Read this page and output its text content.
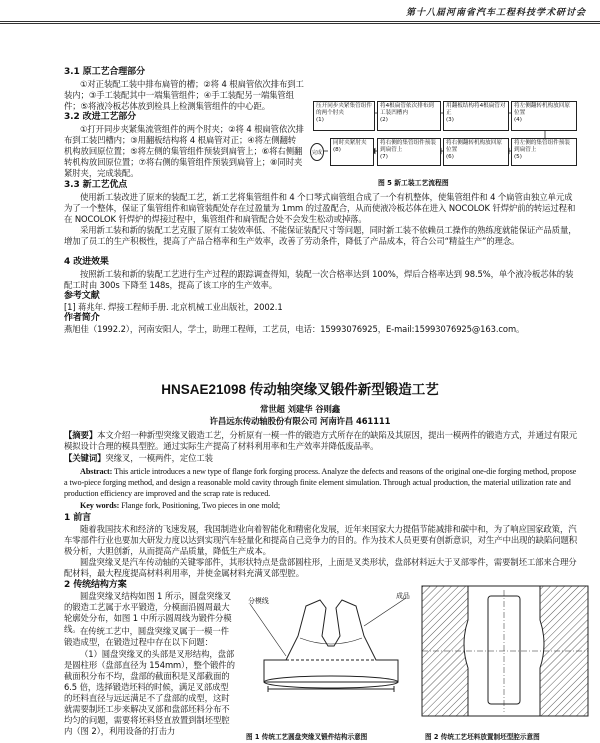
第十八届河南省汽车工程科技学术研讨会

3.1 原工艺合理部分

①对正装配工装中排布扁管的槽；②将 4 根扁管依次排布到工装内；③手工装配其中一端集管组件；④手工装配另一端集管组件；⑤将液冷板芯体放到检具上检测集管组件的中心距。

3.2 改进工艺部分

①打开同步夹紧集流管组件的两个肘夹；②将 4 根扁管依次排布到工装凹槽内；③用翻板结构将 4 根扁管对正；④将左侧翻转机构放回原位置；⑤将左侧的集管组件预装到扁管上；⑥将右侧翻转机构放回原位置；⑦将右侧的集管组件预装到扁管上；⑧同时夹紧肘夹，完成装配。

压开同步夹紧集管组件的两个肘夹
(1)
将4根扁管依次排布到工装凹槽内
(2)
用翻板结构将4根扁管对正
(3)
将左侧翻转机构放回原位置
(4)
将左侧的集管组件预装到扁管上
(5)
将右侧翻转机构放回原位置
(6)
将右侧的集管组件预装到扁管上
(7)
同时夹紧肘夹
(8)
完成

图 5 新工装工艺流程图

3.3 新工艺优点

使用新工装改进了原来的装配工艺，新工艺将集管组件和 4 个口琴式扁管组合成了一个有机整体，使集管组件和 4 个扁管由独立单元成为了一个整体，保证了集管组件和扁管装配处存在过盈量为 1mm 的过盈配合，从而使液冷板芯体在进入 NOCOLOK 钎焊炉前的转运过程和在 NOCOLOK 钎焊炉的焊接过程中，集管组件和扁管配合处不会发生松动或掉落。

采用新工装和新的装配工艺克服了原有工装效率低、不能保证装配尺寸等问题，同时新工装不依赖员工操作的熟练度就能保证产品质量，增加了员工的生产积极性，提高了产品合格率和生产效率，改善了劳动条件，降低了产品成本，符合公司“精益生产”的理念。

4 改进效果

按照新工装和新的装配工艺进行生产过程的跟踪调查得知，装配一次合格率达到 100%，焊后合格率达到 98.5%，单个液冷板芯体的装配工时由 300s 下降至 148s，提高了该工序的生产效率。

参考文献

[1] 蒋兆年. 焊接工程师手册. 北京机械工业出版社，2002.1

作者简介

燕旭佳（1992.2），河南安阳人，学士，助理工程师，工艺员，电话：15993076925，E-mail:15993076925@163.com。

HNSAE21098 传动轴突缘叉锻件新型锻造工艺

常世超 刘建华 谷则鑫

许昌远东传动轴股份有限公司 河南许昌 461111

【摘要】本文介绍一种新型突缘叉锻造工艺，分析原有一模一件的锻造方式所存在的缺陷及其原因，提出一模两件的锻造方式，并通过有限元模拟设计合理的模具型腔。通过实际生产提高了材料利用率和生产效率并降低废品率。

【关键词】突缘叉，一模两件，定位工装

Abstract: This article introduces a new type of flange fork forging process. Analyze the defects and reasons of the original one-die forging method, propose a two-piece forging method, and design a reasonable mold cavity through finite element simulation. Through actual production, the material utilization rate and production efficiency are improved and the scrap rate is reduced.

Key words: Flange fork, Positioning, Two pieces in one mold;

1 前言

随着我国技术和经济的飞速发展，我国制造业向着智能化和精密化发展，近年来国家大力提倡节能减排和碳中和，为了响应国家政策，汽车零部件行业也要加大研发力度以达到实现汽车轻量化和提高自己竞争力的目的。作为技术人员更要有创新意识，对生产中出现的缺陷问题积极分析，大胆创新，从而提高产品质量，降低生产成本。

圆盘突缘叉是汽车传动轴的关键零部件，其形状特点是盘部圆柱形，上面是叉类形状，盘部材料远大于叉部零件，需要制坯工部来合理分配材料，最大程度提高材料利用率，并使金属材料充满叉部型腔。

2 传统结构方案

圆盘突缘叉结构如图 1 所示，圆盘突缘叉的锻造工艺属于水平锻造，分模面沿圆周最大轮廓处分布，如图 1 中所示圆周线为锻件分模线。 在传统工艺中，圆盘突缘叉属于一模一件锻造成型，在锻造过程中存在以下问题：

（1）圆盘突缘叉的头部是叉形结构，盘部是圆柱形（盘部直径为 154mm），整个锻件的截面积分布不均，盘部的截面积是叉部截面的 6.5 倍，选择锻造坯料的时候，满足叉部成型的坯料直径与远远满足不了盘部的成型，这时就需要制坯工步来解决叉部和盘部坯料分布不均匀的问题，需要将坯料竖直放置到制坯型腔内（图 2），利用设备的打击力

分模线

成品

图 1 传统工艺圆盘突缘叉锻件结构示意图	图 2 传统工艺坯料放置制坯型腔示意图
